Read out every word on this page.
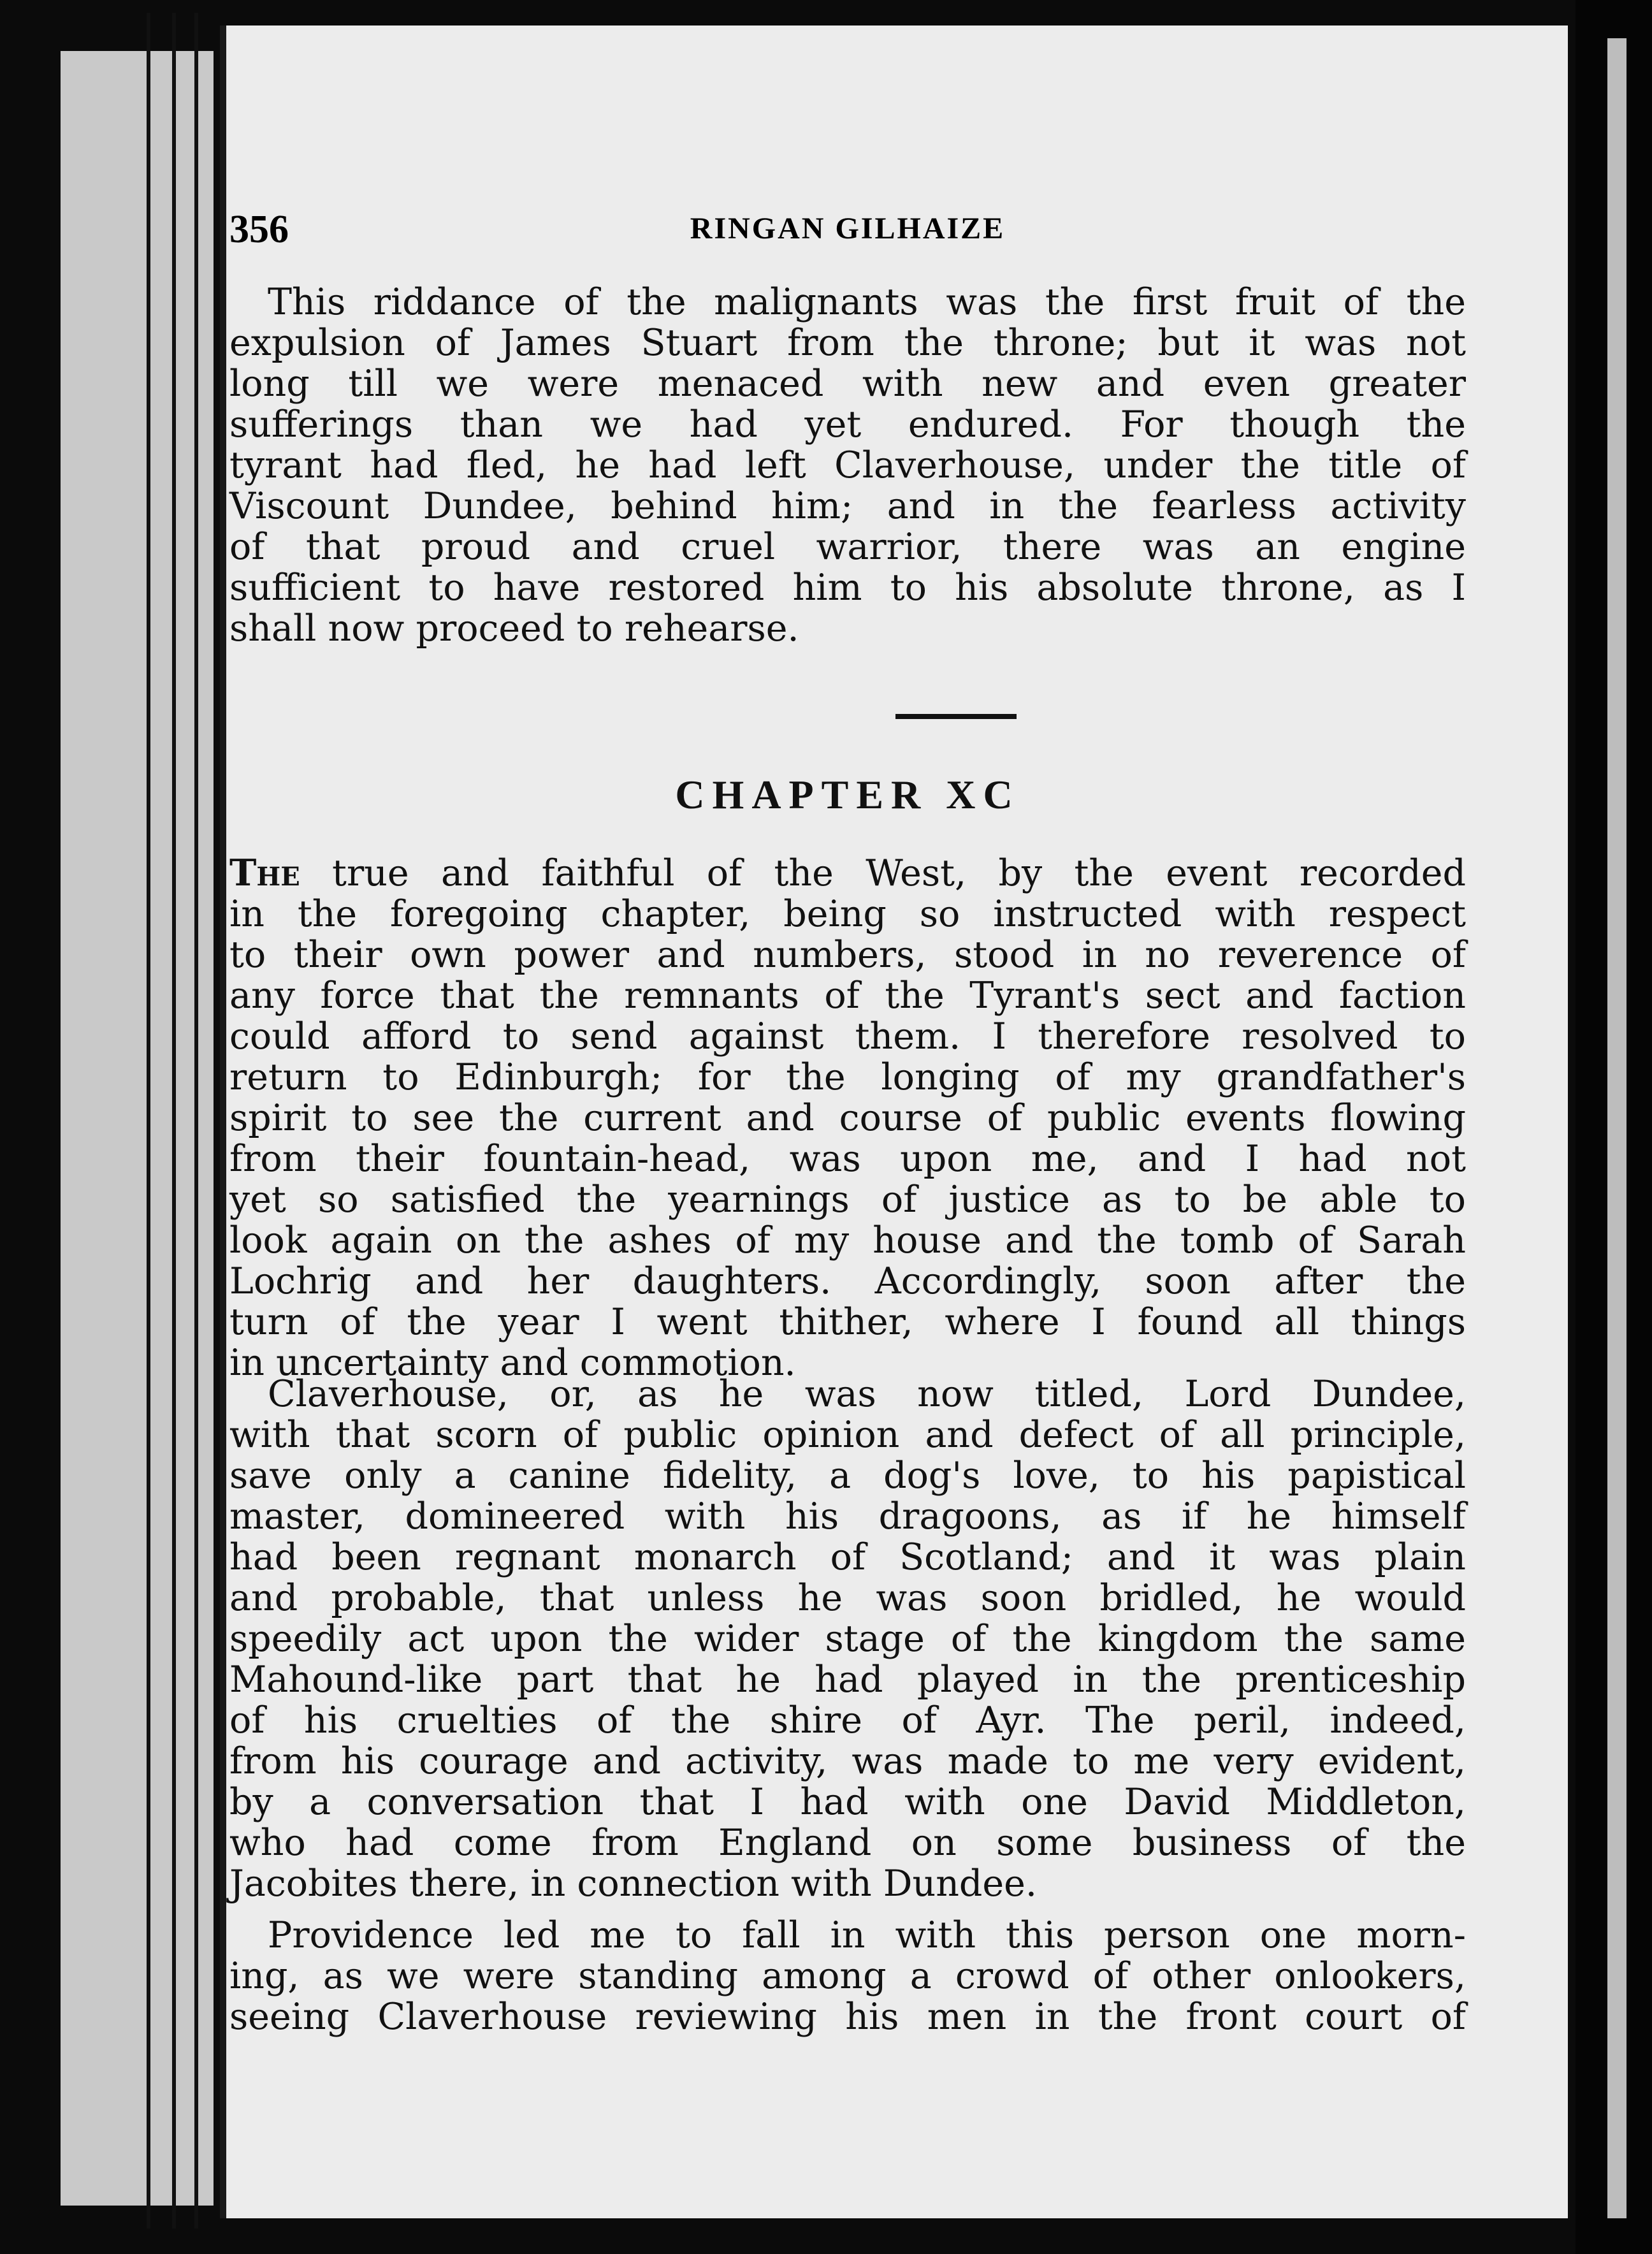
356	RINGAN GILHAIZE
This riddance of the malignants was the first fruit of the
expulsion of James Stuart from the throne; but it was not
long till we were menaced with new and even greater
sufferings than we had yet endured. For though the
tyrant had fled, he had left Claverhouse, under the title of
Viscount Dundee, behind him; and in the fearless activity
of that proud and cruel warrior, there was an engine
sufficient to have restored him to his absolute throne, as I
shall now proceed to rehearse.
CHAPTER XC
The true and faithful of the West, by the event recorded
in the foregoing chapter, being so instructed with respect
to their own power and numbers, stood in no reverence of
any force that the remnants of the Tyrant's sect and faction
could afford to send against them. I therefore resolved to
return to Edinburgh; for the longing of my grandfather's
spirit to see the current and course of public events flowing
from their fountain-head, was upon me, and I had not
yet so satisfied the yearnings of justice as to be able to
look again on the ashes of my house and the tomb of Sarah
Lochrig and her daughters. Accordingly, soon after the
turn of the year I went thither, where I found all things
in uncertainty and commotion.
Claverhouse, or, as he was now titled, Lord Dundee,
with that scorn of public opinion and defect of all principle,
save only a canine fidelity, a dog's love, to his papistical
master, domineered with his dragoons, as if he himself
had been regnant monarch of Scotland; and it was plain
and probable, that unless he was soon bridled, he would
speedily act upon the wider stage of the kingdom the same
Mahound-like part that he had played in the prenticeship
of his cruelties of the shire of Ayr. The peril, indeed,
from his courage and activity, was made to me very evident,
by a conversation that I had with one David Middleton,
who had come from England on some business of the
Jacobites there, in connection with Dundee.
Providence led me to fall in with this person one morn-
ing, as we were standing among a crowd of other onlookers,
seeing Claverhouse reviewing his men in the front court of
